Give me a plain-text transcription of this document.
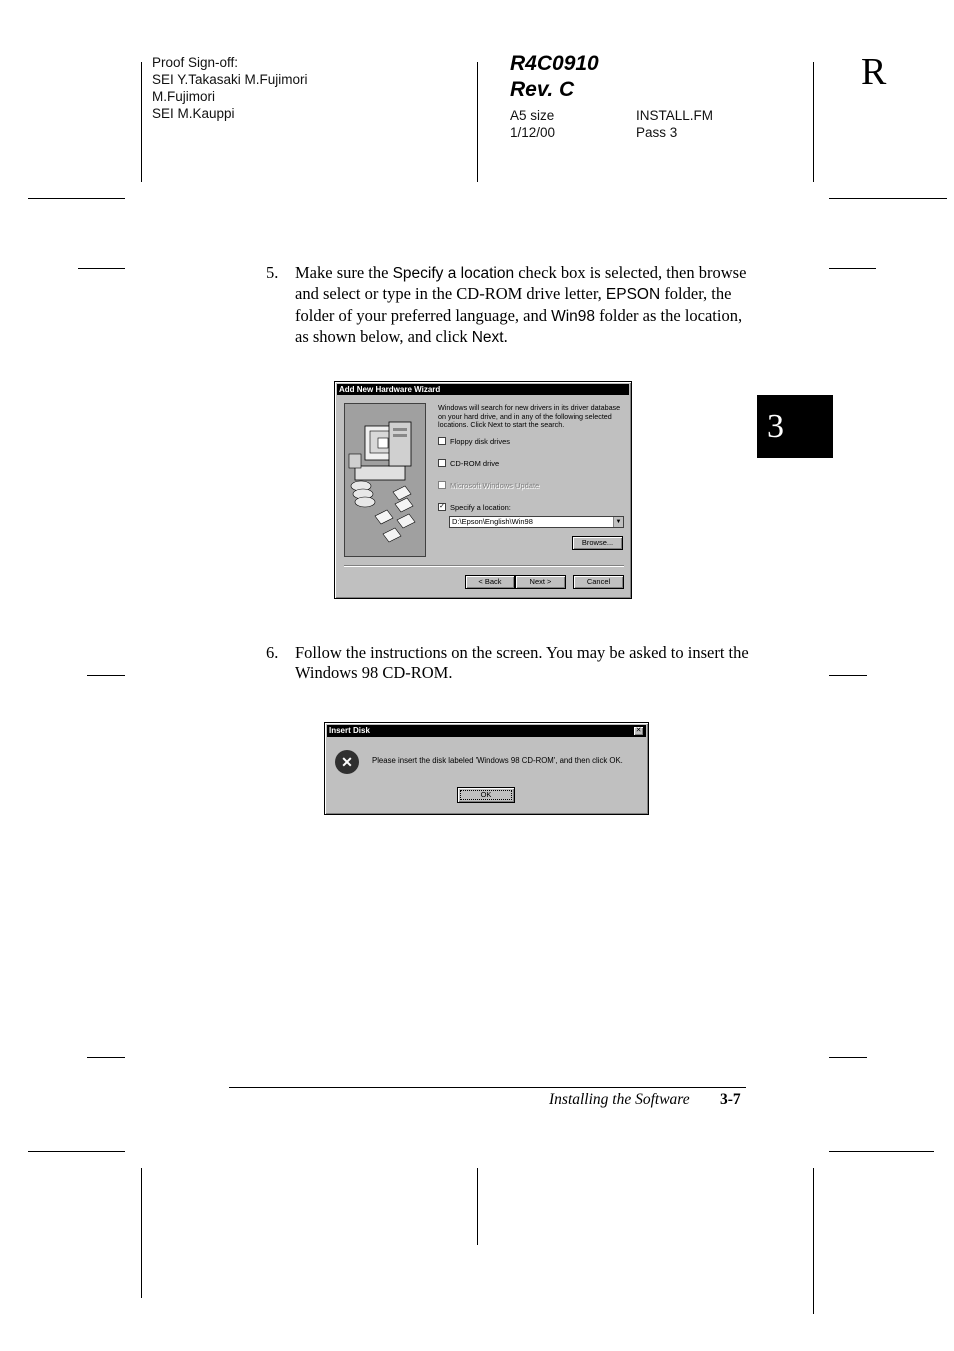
Proof Sign-off:
SEI Y.Takasaki M.Fujimori
M.Fujimori
SEI M.Kauppi
R4C0910
Rev. C
A5 size
1/12/00
INSTALL.FM
Pass 3
R
3
5.	Make sure the Specify a location check box is selected, then browse and select or type in the CD-ROM drive letter, EPSON folder, the folder of your preferred language, and Win98 folder as the location, as shown below, and click Next.
Add New Hardware Wizard
Windows will search for new drivers in its driver database on your hard drive, and in any of the following selected locations. Click Next to start the search.
Floppy disk drives
CD-ROM drive
Microsoft Windows Update
✓ Specify a location:
D:\Epson\English\Win98	▼
Browse...
< Back	Next >	Cancel
6.	Follow the instructions on the screen. You may be asked to insert the Windows 98 CD-ROM.
Insert Disk	✕
✕	Please insert the disk labeled 'Windows 98 CD-ROM', and then click OK.
OK
Installing the Software 3-7
